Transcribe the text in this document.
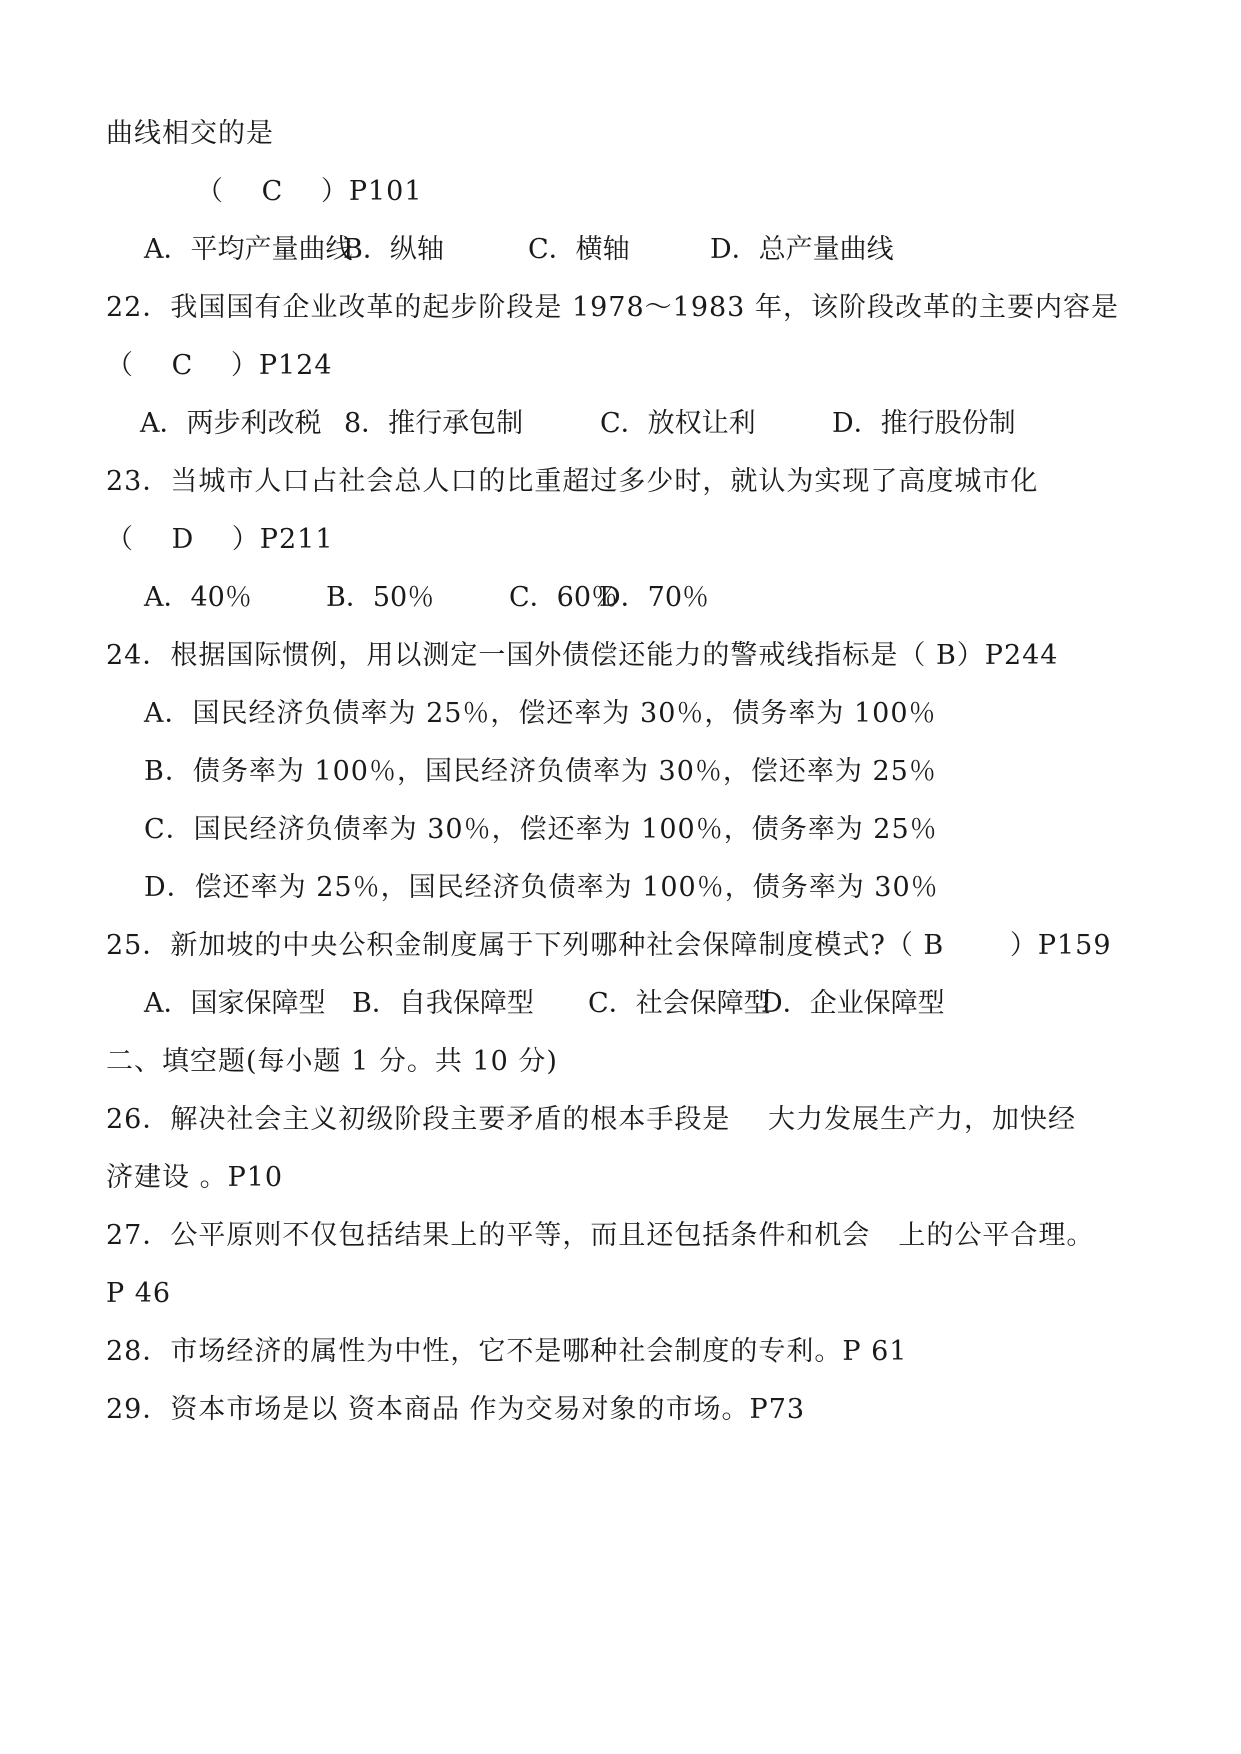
曲线相交的是
（　 C　 ）P101

A．平均产量曲线

B．纵轴

	C．横轴

	D．总产量曲线

22．我国国有企业改革的起步阶段是 1978～1983 年，该阶段改革的主要内容是
（　 C　 ）P124

A．两步利改税

8．推行承包制

	C．放权让利

	D．推行股份制

23．当城市人口占社会总人口的比重超过多少时，就认为实现了高度城市化
（　 D　 ）P211

A．40％

	B．50％

	C．60％

D．70％

24．根据国际惯例，用以测定一国外债偿还能力的警戒线指标是（ B）P244
A．国民经济负债率为 25％，偿还率为 30％，债务率为 100％
B．债务率为 100％，国民经济负债率为 30％，偿还率为 25％
C．国民经济负债率为 30％，偿还率为 100％，债务率为 25％
D．偿还率为 25％，国民经济负债率为 100％，债务率为 30％
25．新加坡的中央公积金制度属于下列哪种社会保障制度模式?（ B　　 ）P159

A．国家保障型

B．自我保障型

C．社会保障型

D．企业保障型

二、填空题(每小题 1 分。共 10 分)
26．解决社会主义初级阶段主要矛盾的根本手段是　 大力发展生产力，加快经
济建设 。P10
27．公平原则不仅包括结果上的平等，而且还包括条件和机会　上的公平合理。
P 46
28．市场经济的属性为中性，它不是哪种社会制度的专利。P 61
29．资本市场是以 资本商品 作为交易对象的市场。P73
